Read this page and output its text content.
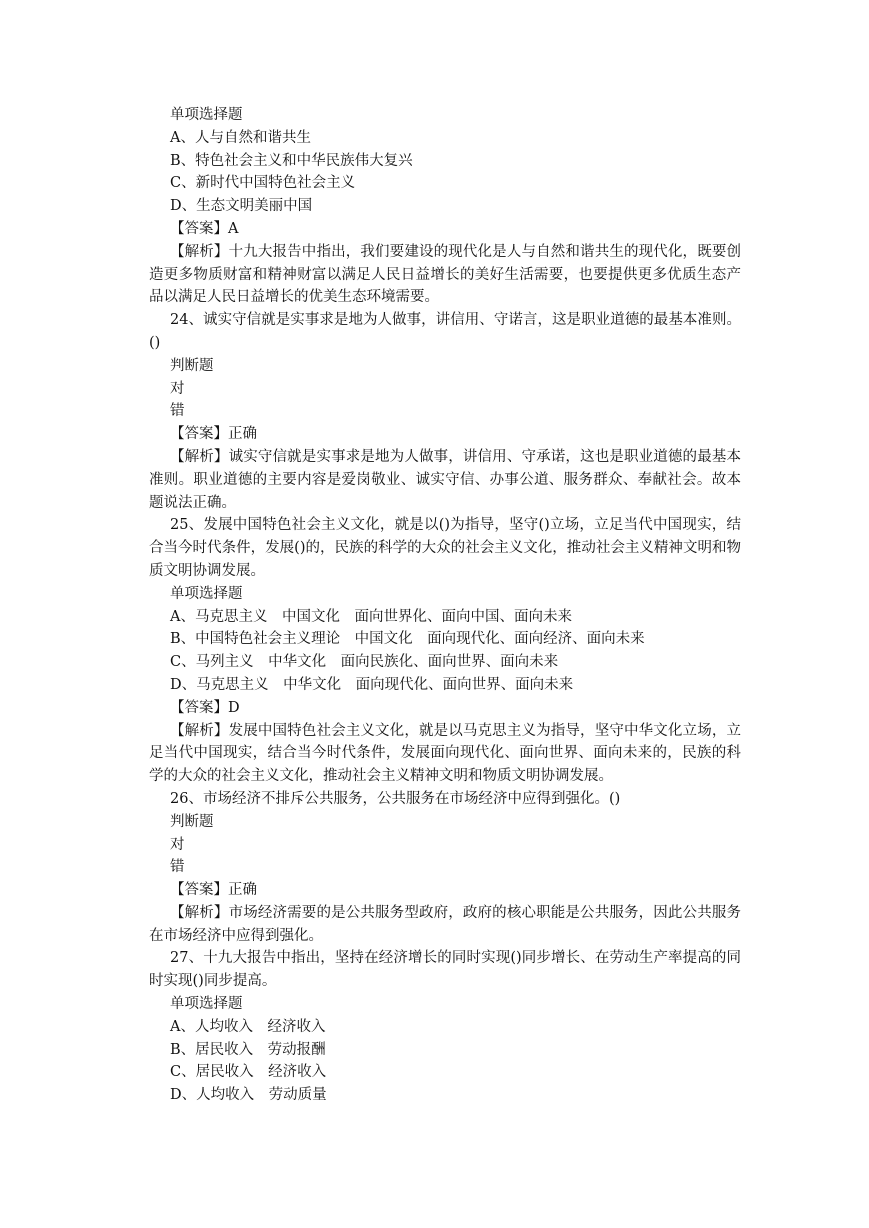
单项选择题
A、人与自然和谐共生
B、特色社会主义和中华民族伟大复兴
C、新时代中国特色社会主义
D、生态文明美丽中国
【答案】A
【解析】十九大报告中指出，我们要建设的现代化是人与自然和谐共生的现代化，既要创造更多物质财富和精神财富以满足人民日益增长的美好生活需要，也要提供更多优质生态产品以满足人民日益增长的优美生态环境需要。
24、诚实守信就是实事求是地为人做事，讲信用、守诺言，这是职业道德的最基本准则。()
判断题
对
错
【答案】正确
【解析】诚实守信就是实事求是地为人做事，讲信用、守承诺，这也是职业道德的最基本准则。职业道德的主要内容是爱岗敬业、诚实守信、办事公道、服务群众、奉献社会。故本题说法正确。
25、发展中国特色社会主义文化，就是以()为指导，坚守()立场，立足当代中国现实，结合当今时代条件，发展()的，民族的科学的大众的社会主义文化，推动社会主义精神文明和物质文明协调发展。
单项选择题
A、马克思主义　中国文化　面向世界化、面向中国、面向未来
B、中国特色社会主义理论　中国文化　面向现代化、面向经济、面向未来
C、马列主义　中华文化　面向民族化、面向世界、面向未来
D、马克思主义　中华文化　面向现代化、面向世界、面向未来
【答案】D
【解析】发展中国特色社会主义文化，就是以马克思主义为指导，坚守中华文化立场，立足当代中国现实，结合当今时代条件，发展面向现代化、面向世界、面向未来的，民族的科学的大众的社会主义文化，推动社会主义精神文明和物质文明协调发展。
26、市场经济不排斥公共服务，公共服务在市场经济中应得到强化。()
判断题
对
错
【答案】正确
【解析】市场经济需要的是公共服务型政府，政府的核心职能是公共服务，因此公共服务在市场经济中应得到强化。
27、十九大报告中指出，坚持在经济增长的同时实现()同步增长、在劳动生产率提高的同时实现()同步提高。
单项选择题
A、人均收入　经济收入
B、居民收入　劳动报酬
C、居民收入　经济收入
D、人均收入　劳动质量
